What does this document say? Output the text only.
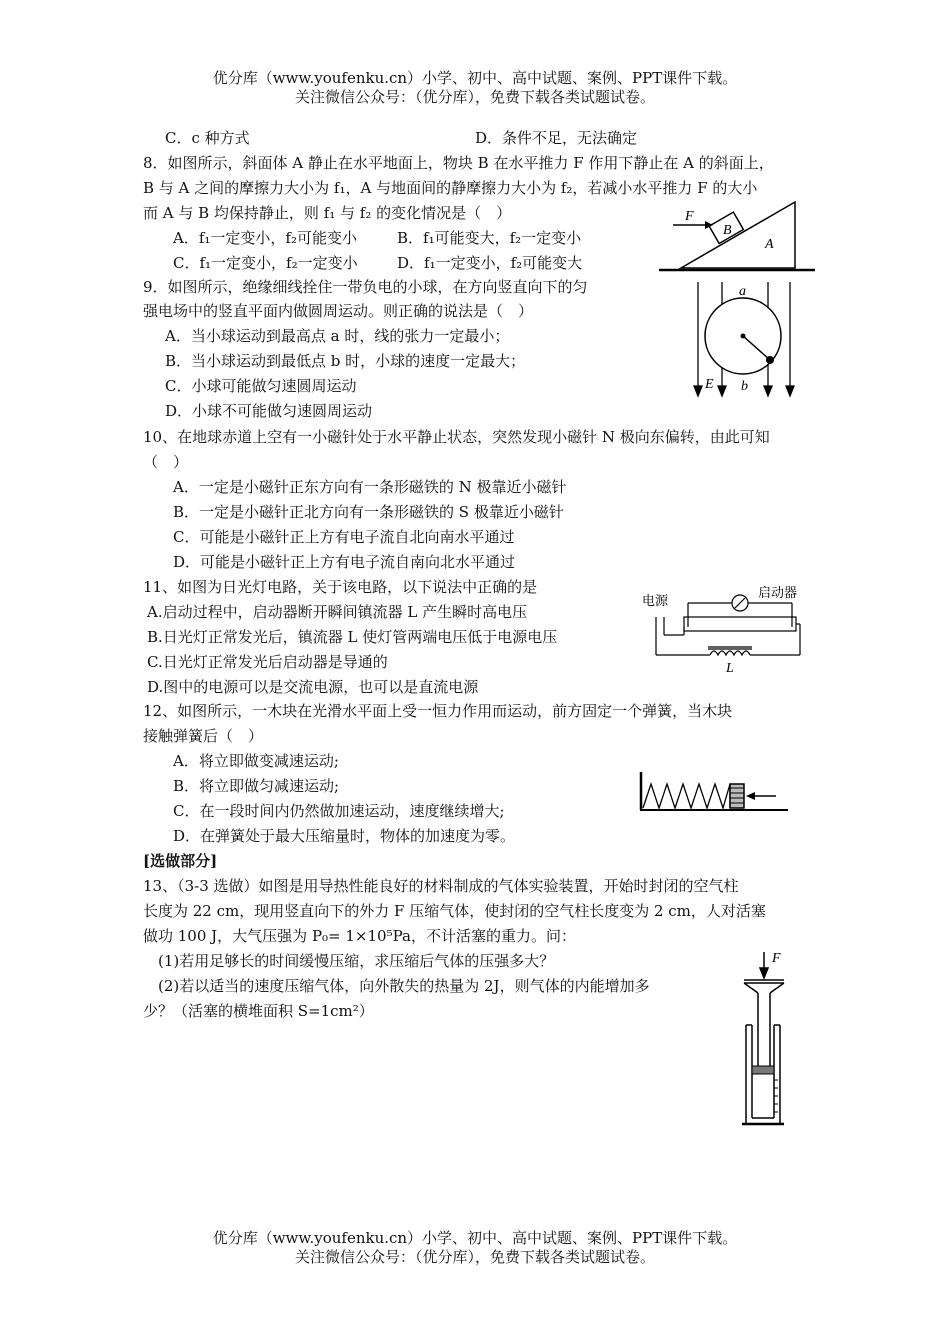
优分库（www.youfenku.cn）小学、初中、高中试题、案例、PPT课件下载。
关注微信公众号：（优分库），免费下载各类试题试卷。
C．c 种方式	D．条件不足，无法确定
8．如图所示，斜面体 A 静止在水平地面上，物块 B 在水平推力 F 作用下静止在 A 的斜面上，
B 与 A 之间的摩擦力大小为 f₁，A 与地面间的静摩擦力大小为 f₂，若减小水平推力 F 的大小
而 A 与 B 均保持静止，则 f₁ 与 f₂ 的变化情况是（　）
A．f₁一定变小，f₂可能变小	B．f₁可能变大，f₂一定变小
C．f₁一定变小，f₂一定变小	D．f₁一定变小，f₂可能变大
F
B
A
9．如图所示，绝缘细线拴住一带负电的小球，在方向竖直向下的匀
强电场中的竖直平面内做圆周运动。则正确的说法是（　）
A．当小球运动到最高点 a 时，线的张力一定最小；
B．当小球运动到最低点 b 时，小球的速度一定最大；
C．小球可能做匀速圆周运动
D．小球不可能做匀速圆周运动
a
b
E
10、在地球赤道上空有一小磁针处于水平静止状态，突然发现小磁针 N 极向东偏转，由此可知
（　）
A．一定是小磁针正东方向有一条形磁铁的 N 极靠近小磁针
B．一定是小磁针正北方向有一条形磁铁的 S 极靠近小磁针
C．可能是小磁针正上方有电子流自北向南水平通过
D．可能是小磁针正上方有电子流自南向北水平通过
11、如图为日光灯电路，关于该电路，以下说法中正确的是
A.启动过程中，启动器断开瞬间镇流器 L 产生瞬时高电压
B.日光灯正常发光后，镇流器 L 使灯管两端电压低于电源电压
C.日光灯正常发光后启动器是导通的
D.图中的电源可以是交流电源，也可以是直流电源
电源
启动器
L
12、如图所示，一木块在光滑水平面上受一恒力作用而运动，前方固定一个弹簧，当木块
接触弹簧后（　）
A．将立即做变减速运动;
B．将立即做匀减速运动;
C．在一段时间内仍然做加速运动，速度继续增大;
D．在弹簧处于最大压缩量时，物体的加速度为零。
[选做部分]
13、（3-3 选做）如图是用导热性能良好的材料制成的气体实验装置，开始时封闭的空气柱
长度为 22 cm，现用竖直向下的外力 F 压缩气体，使封闭的空气柱长度变为 2 cm，人对活塞
做功 100 J，大气压强为 P₀= 1×10⁵Pa，不计活塞的重力。问：
(1)若用足够长的时间缓慢压缩，求压缩后气体的压强多大？
(2)若以适当的速度压缩气体，向外散失的热量为 2J，则气体的内能增加多
少？（活塞的横堆面积 S=1cm²）
F
优分库（www.youfenku.cn）小学、初中、高中试题、案例、PPT课件下载。
关注微信公众号：（优分库），免费下载各类试题试卷。
